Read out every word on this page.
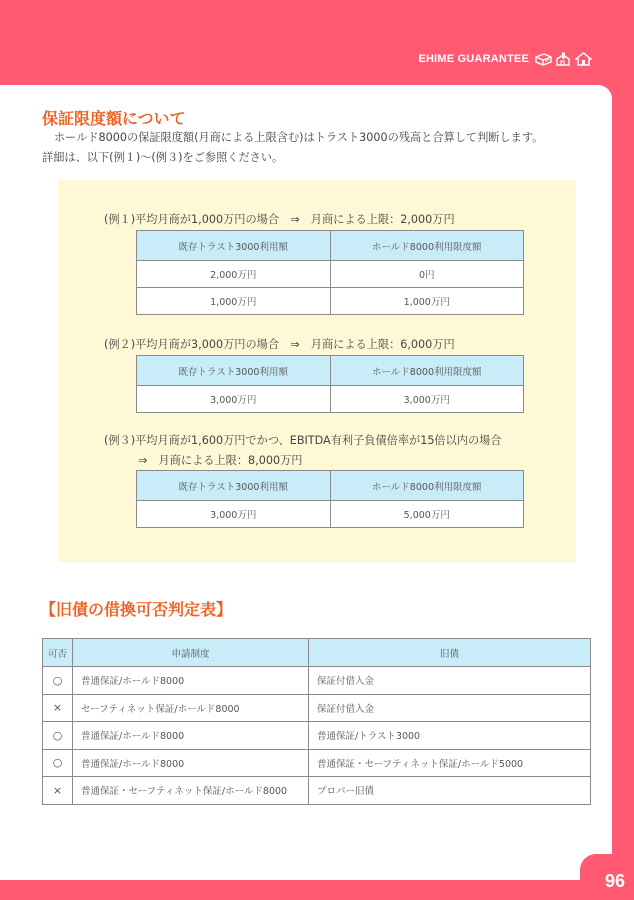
EHIME GUARANTEE
保証限度額について
ホールド8000の保証限度額(月商による上限含む)はトラスト3000の残高と合算して判断します。
詳細は、以下(例１)～(例３)をご参照ください。
(例１)平均月商が1,000万円の場合　⇒　月商による上限：2,000万円
既存トラスト3000利用額	ホールド8000利用限度額
2,000万円	0円
1,000万円	1,000万円
(例２)平均月商が3,000万円の場合　⇒　月商による上限：6,000万円
既存トラスト3000利用額	ホールド8000利用限度額
3,000万円	3,000万円
(例３)平均月商が1,600万円でかつ、EBITDA有利子負債倍率が15倍以内の場合
⇒　月商による上限：8,000万円
既存トラスト3000利用額	ホールド8000利用限度額
3,000万円	5,000万円
【旧債の借換可否判定表】
可否	申請制度	旧債
○	普通保証/ホールド8000	保証付借入金
×	セーフティネット保証/ホールド8000	保証付借入金
○	普通保証/ホールド8000	普通保証/トラスト3000
○	普通保証/ホールド8000	普通保証・セーフティネット保証/ホールド5000
×	普通保証・セーフティネット保証/ホールド8000	プロパー旧債
96
